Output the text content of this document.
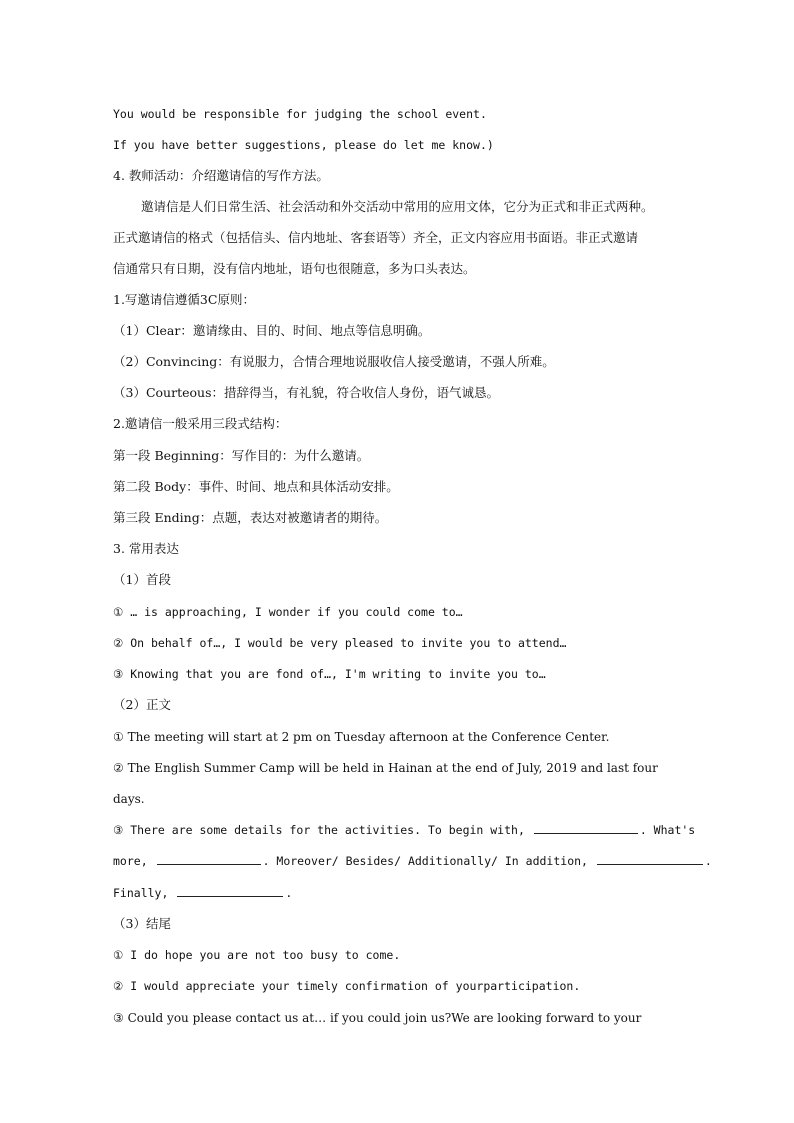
You would be responsible for judging the school event.
If you have better suggestions, please do let me know.)
4. 教师活动：介绍邀请信的写作方法。
邀请信是人们日常生活、社会活动和外交活动中常用的应用文体，它分为正式和非正式两种。
正式邀请信的格式（包括信头、信内地址、客套语等）齐全，正文内容应用书面语。非正式邀请
信通常只有日期，没有信内地址，语句也很随意，多为口头表达。
1.写邀请信遵循3C原则：
（1）Clear：邀请缘由、目的、时间、地点等信息明确。
（2）Convincing：有说服力，合情合理地说服收信人接受邀请，不强人所难。
（3）Courteous：措辞得当，有礼貌，符合收信人身份，语气诚恳。
2.邀请信一般采用三段式结构：
第一段 Beginning：写作目的：为什么邀请。
第二段 Body：事件、时间、地点和具体活动安排。
第三段 Ending：点题，表达对被邀请者的期待。
3. 常用表达
（1）首段
① … is approaching, I wonder if you could come to…
② On behalf of…, I would be very pleased to invite you to attend…
③ Knowing that you are fond of…, I'm writing to invite you to…
（2）正文
① The meeting will start at 2 pm on Tuesday afternoon at the Conference Center.
② The English Summer Camp will be held in Hainan at the end of July, 2019 and last four
days.
③ There are some details for the activities. To begin with,	. What's
more,	. Moreover/ Besides/ Additionally/ In addition,	.
Finally,	.
（3）结尾
① I do hope you are not too busy to come.
② I would appreciate your timely confirmation of yourparticipation.
③ Could you please contact us at… if you could join us?We are looking forward to your
